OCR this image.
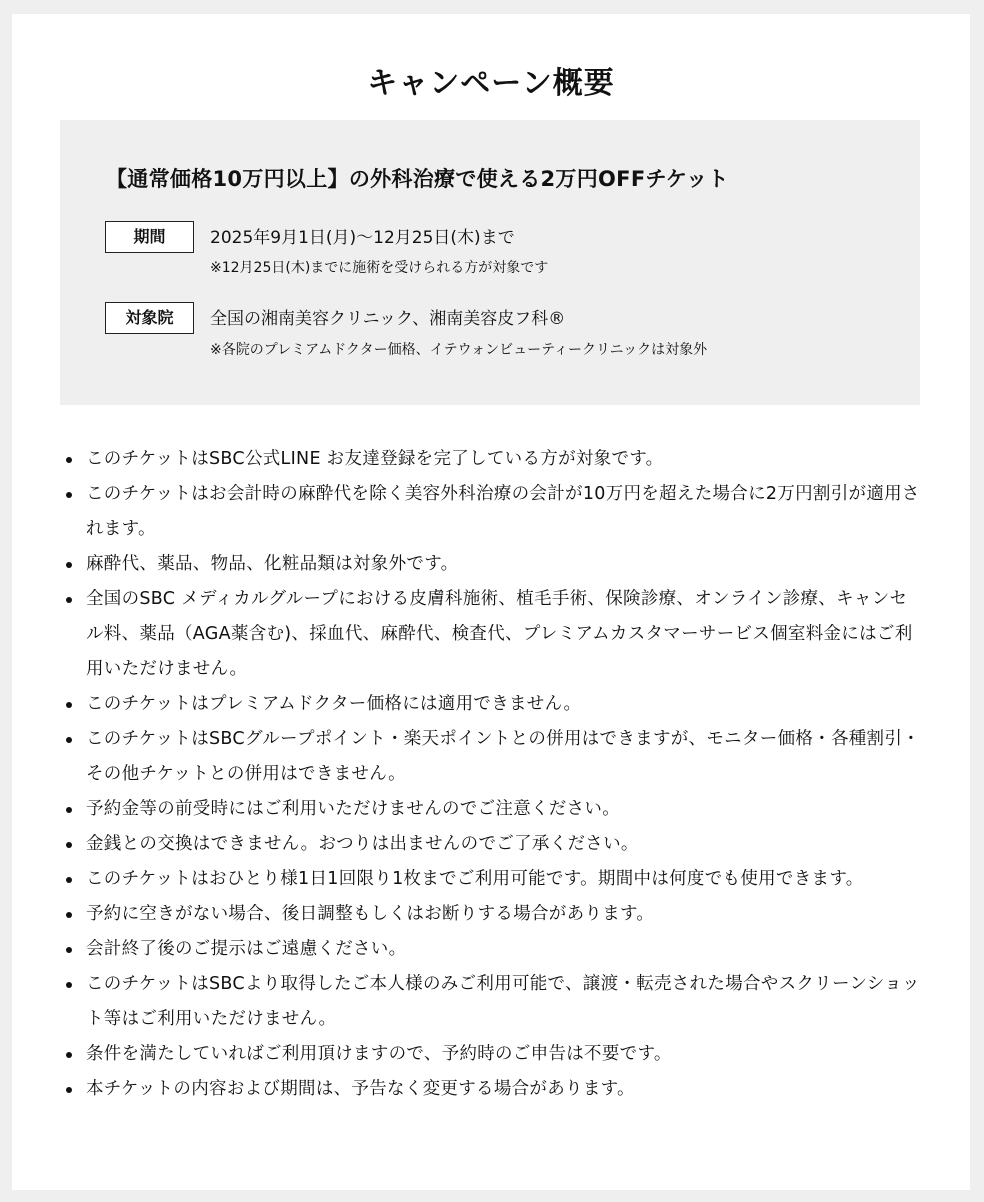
キャンペーン概要
【通常価格10万円以上】の外科治療で使える2万円OFFチケット
期間	2025年9月1日(月)〜12月25日(木)まで
※12月25日(木)までに施術を受けられる方が対象です
対象院	全国の湘南美容クリニック、湘南美容皮フ科®
※各院のプレミアムドクター価格、イテウォンビューティークリニックは対象外
このチケットはSBC公式LINE お友達登録を完了している方が対象です。
このチケットはお会計時の麻酔代を除く美容外科治療の会計が10万円を超えた場合に2万円割引が適用されます。
麻酔代、薬品、物品、化粧品類は対象外です。
全国のSBC メディカルグループにおける皮膚科施術、植毛手術、保険診療、オンライン診療、キャンセル料、薬品（AGA薬含む)、採血代、麻酔代、検査代、プレミアムカスタマーサービス個室料金にはご利用いただけません。
このチケットはプレミアムドクター価格には適用できません。
このチケットはSBCグループポイント・楽天ポイントとの併用はできますが、モニター価格・各種割引・その他チケットとの併用はできません。
予約金等の前受時にはご利用いただけませんのでご注意ください。
金銭との交換はできません。おつりは出ませんのでご了承ください。
このチケットはおひとり様1日1回限り1枚までご利用可能です。期間中は何度でも使用できます。
予約に空きがない場合、後日調整もしくはお断りする場合があります。
会計終了後のご提示はご遠慮ください。
このチケットはSBCより取得したご本人様のみご利用可能で、譲渡・転売された場合やスクリーンショット等はご利用いただけません。
条件を満たしていればご利用頂けますので、予約時のご申告は不要です。
本チケットの内容および期間は、予告なく変更する場合があります。
